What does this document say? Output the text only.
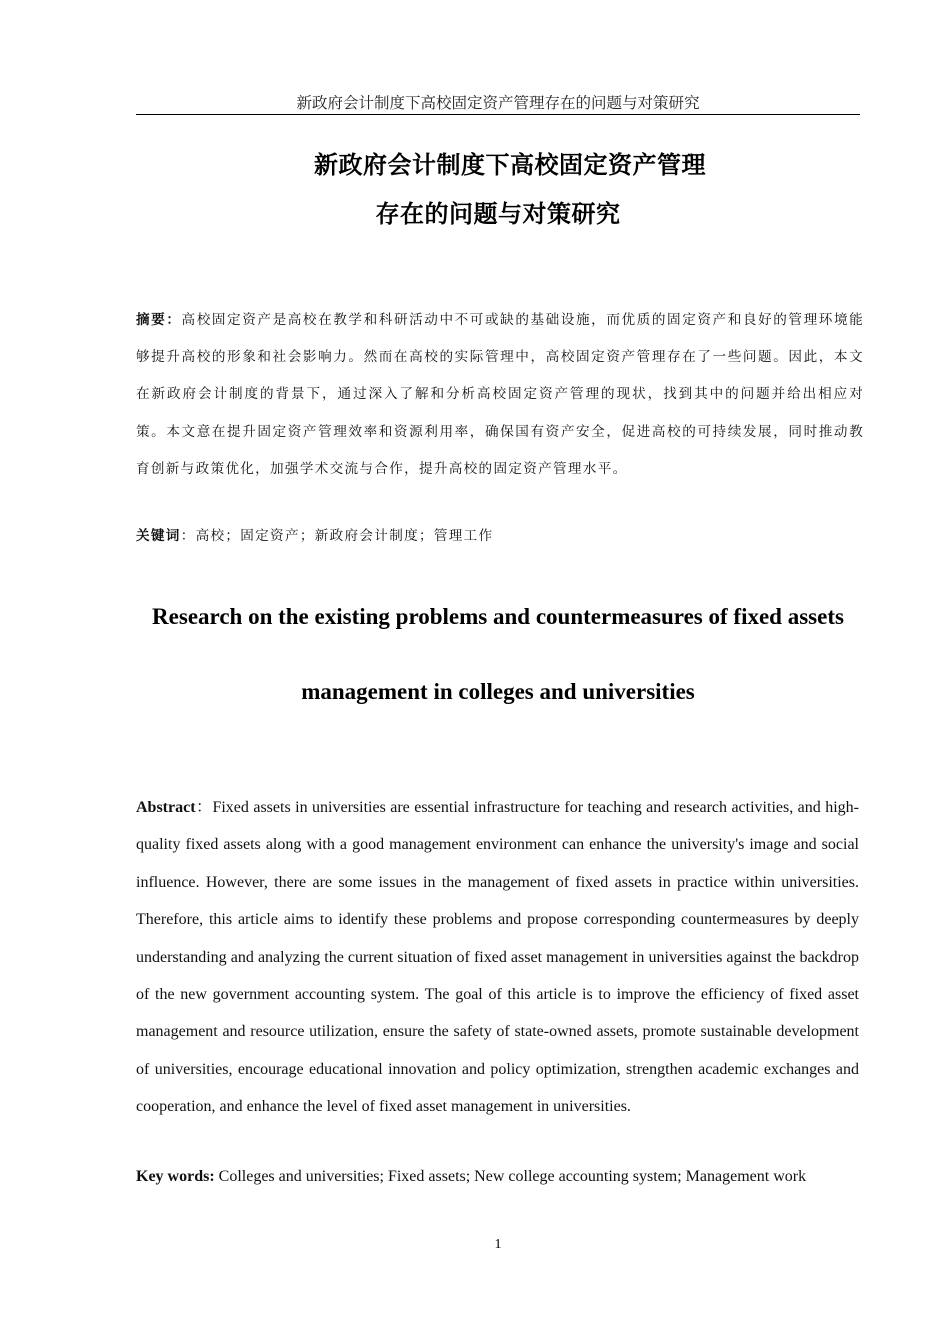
新政府会计制度下高校固定资产管理存在的问题与对策研究
新政府会计制度下高校固定资产管理
存在的问题与对策研究
摘要：高校固定资产是高校在教学和科研活动中不可或缺的基础设施，而优质的固定资产和良好的管理环境能够提升高校的形象和社会影响力。然而在高校的实际管理中，高校固定资产管理存在了一些问题。因此，本文在新政府会计制度的背景下，通过深入了解和分析高校固定资产管理的现状，找到其中的问题并给出相应对策。本文意在提升固定资产管理效率和资源利用率，确保国有资产安全，促进高校的可持续发展，同时推动教育创新与政策优化，加强学术交流与合作，提升高校的固定资产管理水平。
关键词：高校；固定资产；新政府会计制度；管理工作
Research on the existing problems and countermeasures of fixed assets
management in colleges and universities
Abstract：Fixed assets in universities are essential infrastructure for teaching and research activities, and high-quality fixed assets along with a good management environment can enhance the university's image and social influence. However, there are some issues in the management of fixed assets in practice within universities. Therefore, this article aims to identify these problems and propose corresponding countermeasures by deeply understanding and analyzing the current situation of fixed asset management in universities against the backdrop of the new government accounting system. The goal of this article is to improve the efficiency of fixed asset management and resource utilization, ensure the safety of state-owned assets, promote sustainable development of universities, encourage educational innovation and policy optimization, strengthen academic exchanges and cooperation, and enhance the level of fixed asset management in universities.
Key words: Colleges and universities; Fixed assets; New college accounting system; Management work
1
